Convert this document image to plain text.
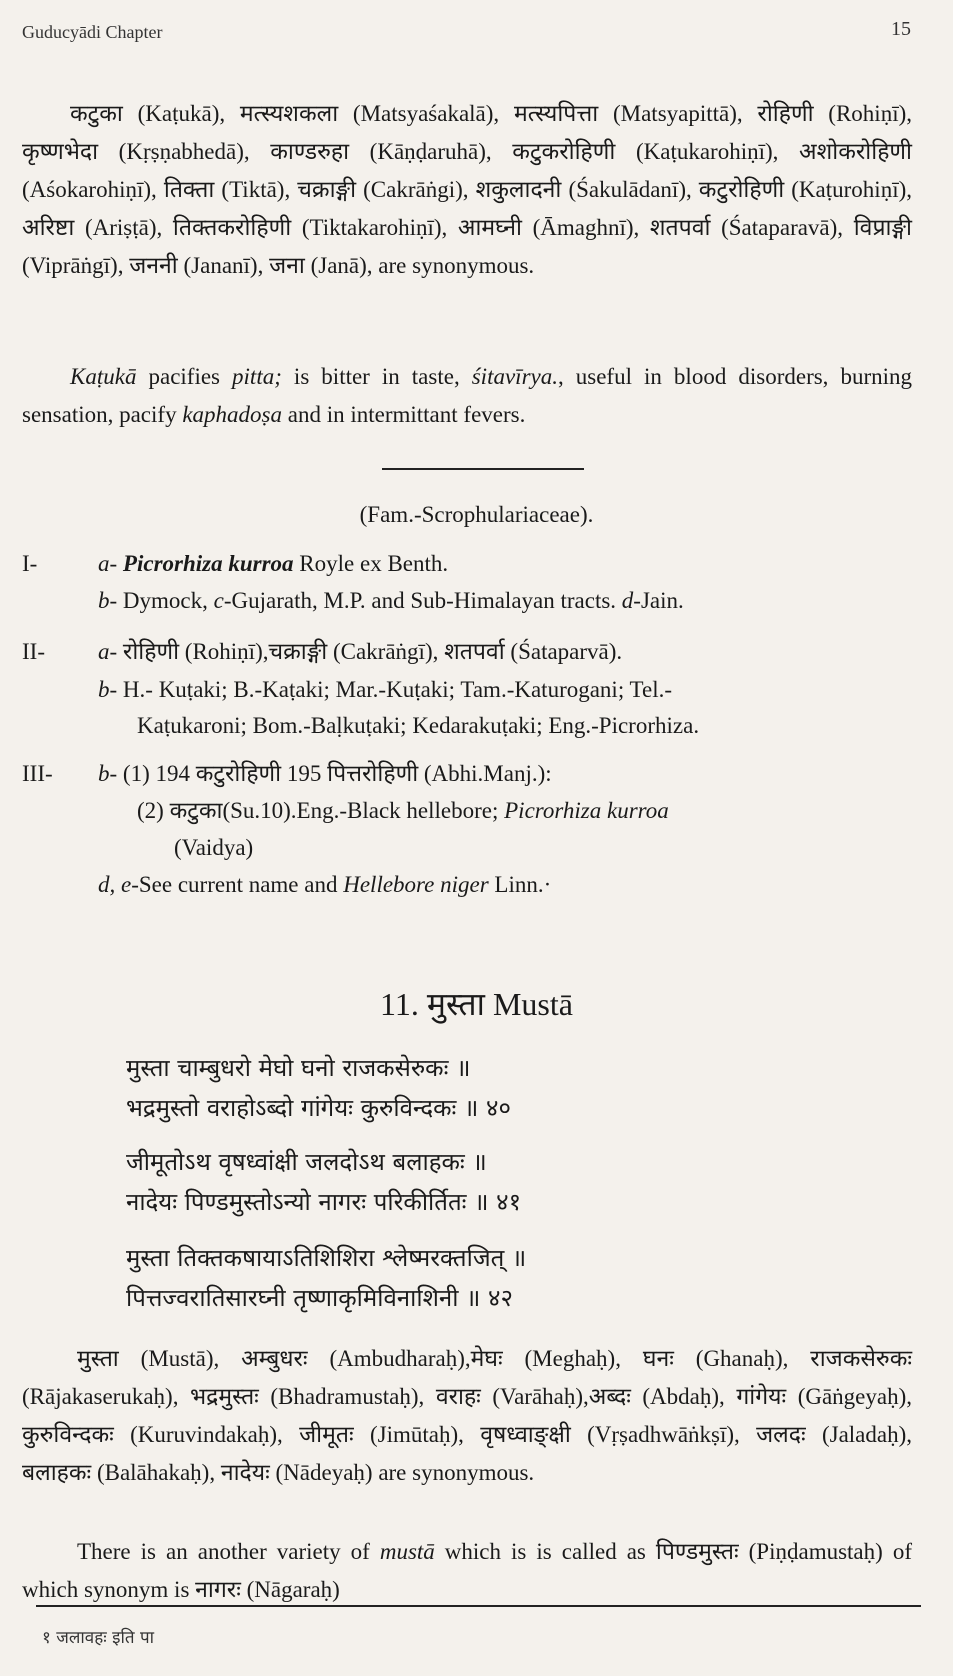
Guducyādi Chapter	15
कटुका (Kaṭukā), मत्स्यशकला (Matsyaśakalā), मत्स्यपित्ता (Matsyapittā), रोहिणी (Rohiṇī), कृष्णभेदा (Kṛṣṇabhedā), काण्डरुहा (Kāṇḍaruhā), कटुकरोहिणी (Kaṭukarohiṇī), अशोकरोहिणी (Aśokarohiṇī), तिक्ता (Tiktā), चक्राङ्गी (Cakrāṅgi), शकुलादनी (Śakulādanī), कटुरोहिणी (Kaṭurohiṇī), अरिष्टा (Ariṣṭā), तिक्तकरोहिणी (Tiktakarohiṇī), आमघ्नी (Āmaghnī), शतपर्वा (Śataparavā), विप्राङ्गी (Viprāṅgī), जननी (Jananī), जना (Janā), are synonymous.
Kaṭukā pacifies pitta; is bitter in taste, śitavīrya., useful in blood disorders, burning sensation, pacify kaphadoṣa and in intermittant fevers.
(Fam.-Scrophulariaceae).
I-	a- Picrorhiza kurroa Royle ex Benth.
b- Dymock, c-Gujarath, M.P. and Sub-Himalayan tracts. d-Jain.
II- a- रोहिणी (Rohiṇī),चक्राङ्गी (Cakrāṅgī), शतपर्वा (Śataparvā).
b- H.- Kuṭaki; B.-Kaṭaki; Mar.-Kuṭaki; Tam.-Katurogani; Tel.-
Kaṭukaroni; Bom.-Baḷkuṭaki; Kedarakuṭaki; Eng.-Picrorhiza.
III- b- (1) 194 कटुरोहिणी 195 पित्तरोहिणी (Abhi.Manj.):
(2) कटुका(Su.10).Eng.-Black hellebore; Picrorhiza kurroa
(Vaidya)
d, e-See current name and Hellebore niger Linn.·
11. मुस्ता Mustā
मुस्ता चाम्बुधरो मेघो घनो राजकसेरुकः ॥
भद्रमुस्तो वराहोऽब्दो गांगेयः कुरुविन्दकः ॥ ४०
जीमूतोऽथ वृषध्वांक्षी जलदोऽथ बलाहकः ॥
नादेयः पिण्डमुस्तोऽन्यो नागरः परिकीर्तितः ॥ ४१
मुस्ता तिक्तकषायाऽतिशिशिरा श्लेष्मरक्तजित् ॥
पित्तज्वरातिसारघ्नी तृष्णाकृमिविनाशिनी ॥ ४२
मुस्ता (Mustā), अम्बुधरः (Ambudharaḥ),मेघः (Meghaḥ), घनः (Ghanaḥ), राजकसेरुकः (Rājakaserukaḥ), भद्रमुस्तः (Bhadramustaḥ), वराहः (Varāhaḥ),अब्दः (Abdaḥ), गांगेयः (Gāṅgeyaḥ), कुरुविन्दकः (Kuruvindakaḥ), जीमूतः (Jimūtaḥ), वृषध्वाङ्क्षी (Vṛṣadhwāṅkṣī), जलदः (Jaladaḥ), बलाहकः (Balāhakaḥ), नादेयः (Nādeyaḥ) are synonymous.
There is an another variety of mustā which is is called as पिण्डमुस्तः (Piṇḍamustaḥ) of which synonym is नागरः (Nāgaraḥ)
१ जलावहः इति पा
